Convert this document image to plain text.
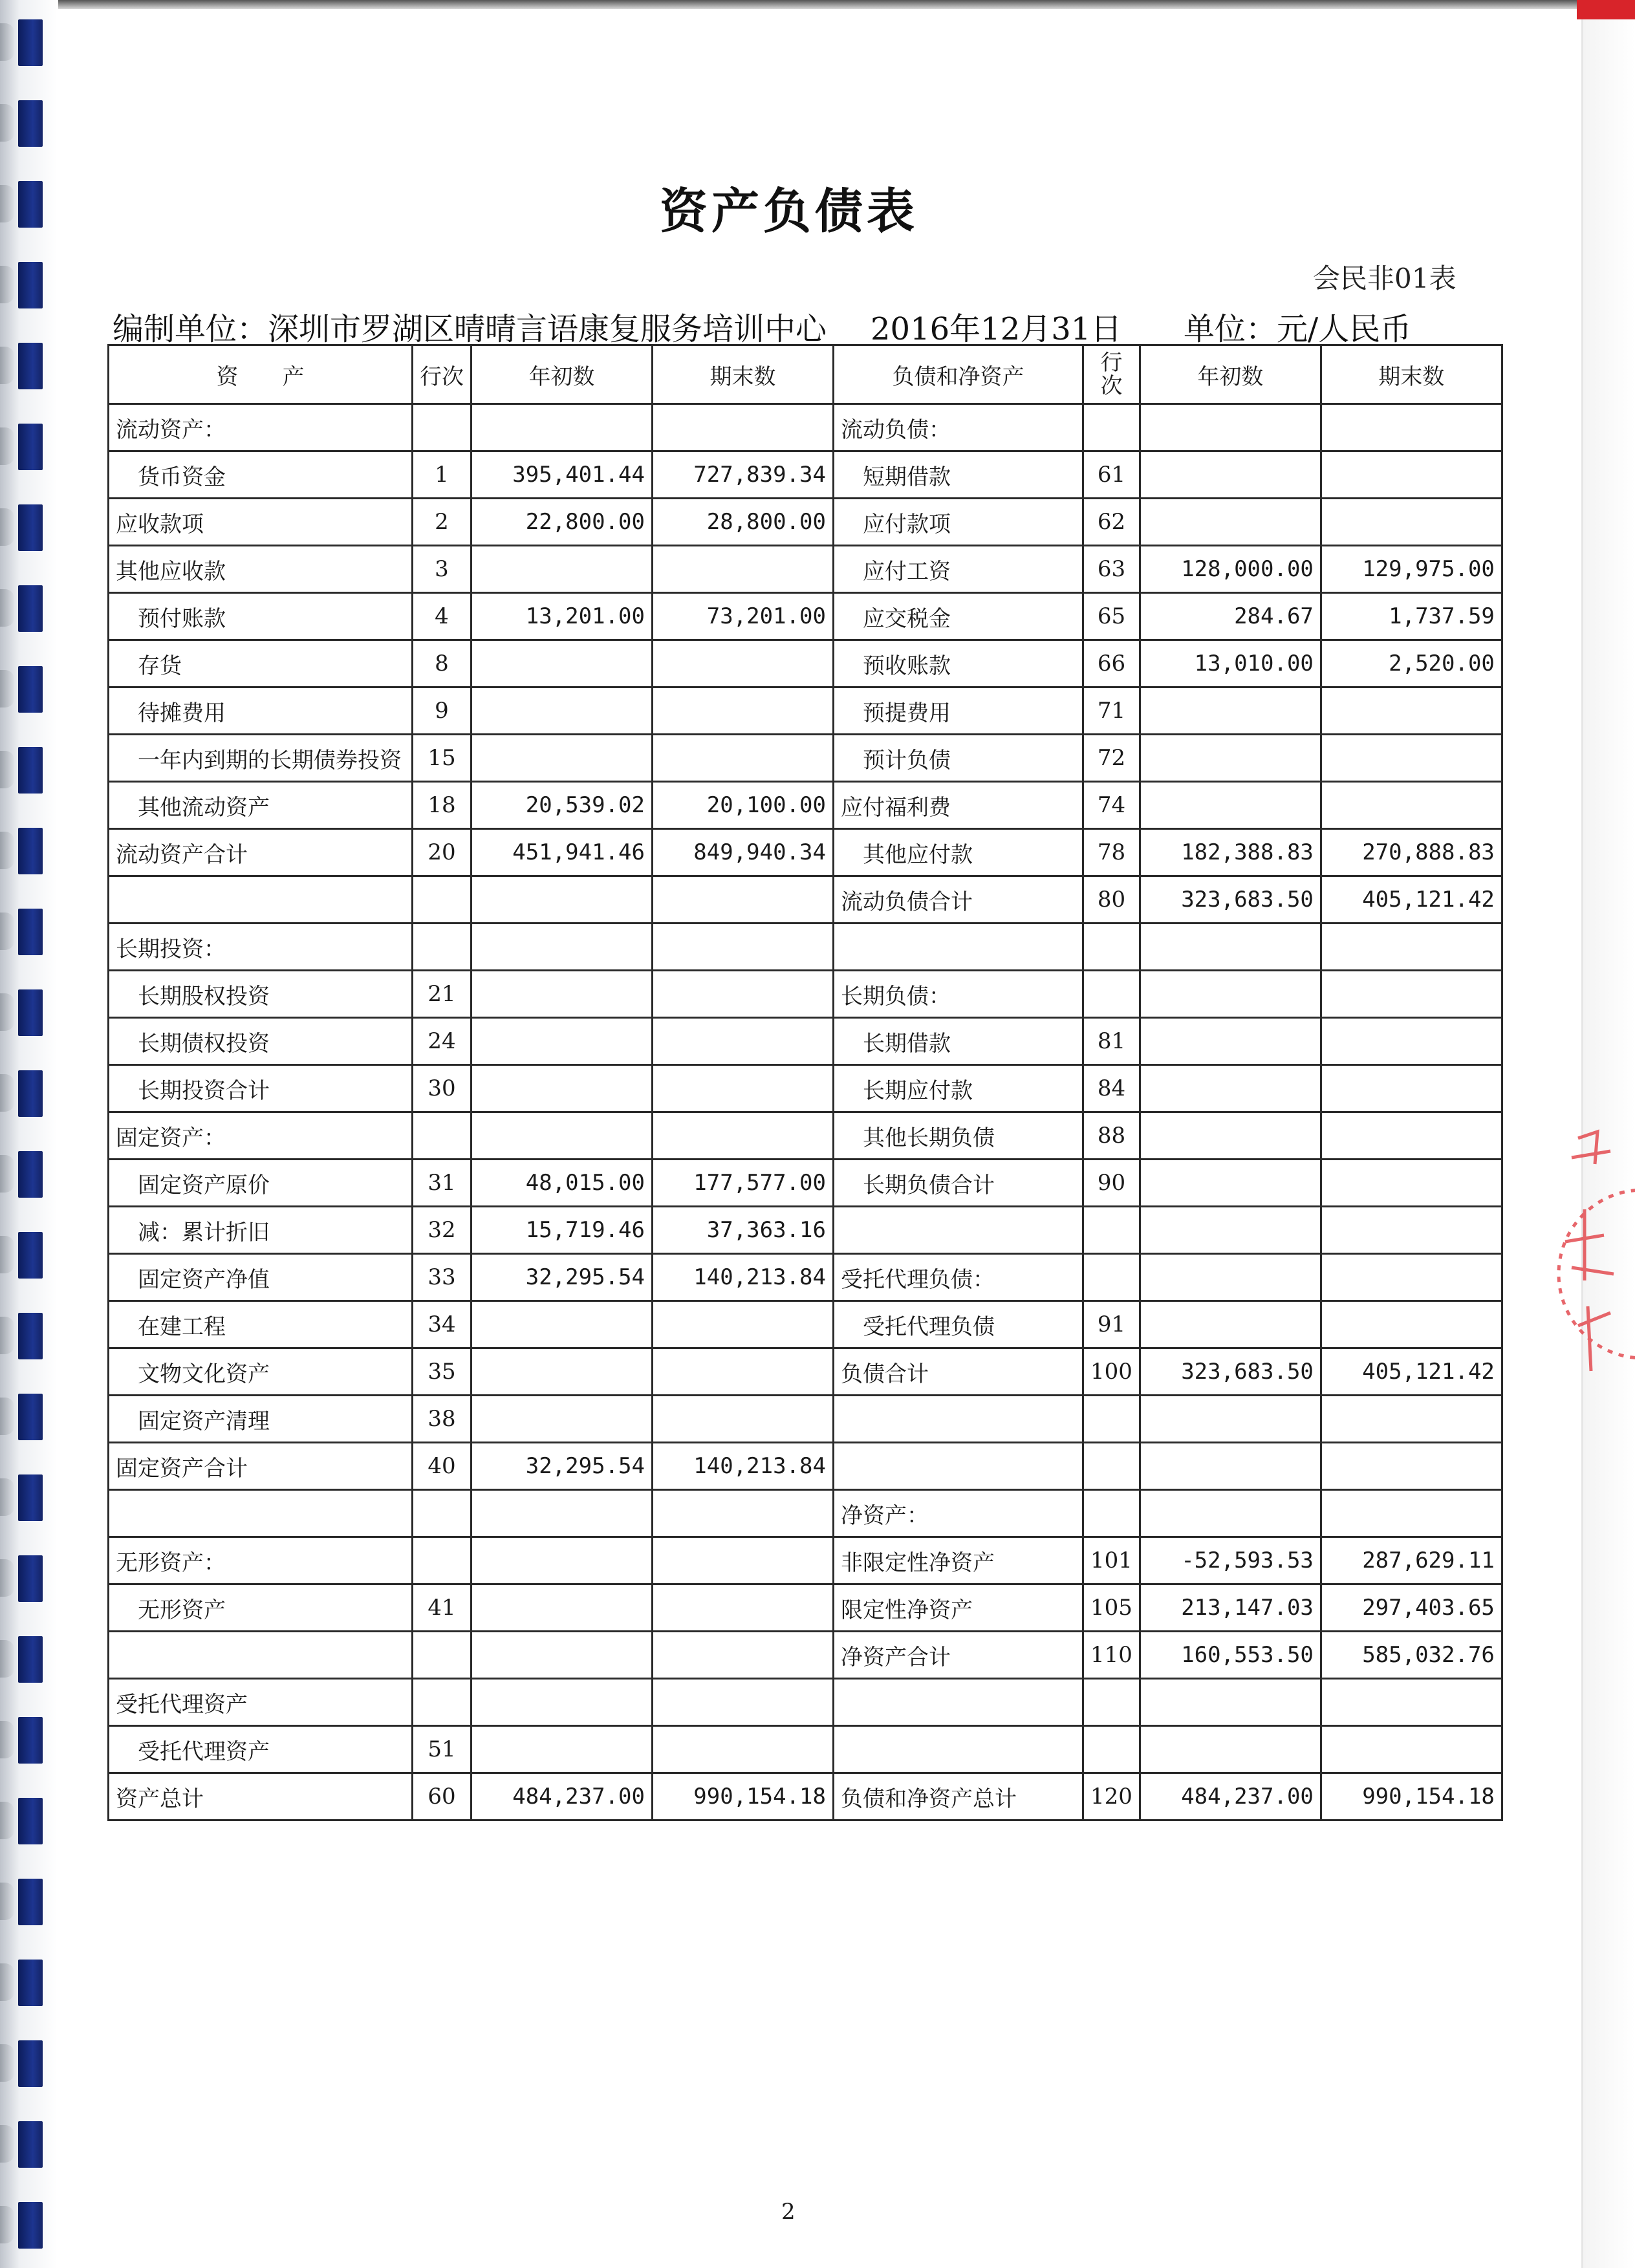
资产负债表
会民非01表
编制单位：深圳市罗湖区晴晴言语康复服务培训中心 2016年12月31日 单位：元/人民币
资　　产	行次	年初数	期末数	负债和净资产	行
次	年初数	期末数
流动资产：				流动负债：			
货币资金	1	395,401.44	727,839.34	短期借款	61		
应收款项	2	22,800.00	28,800.00	应付款项	62		
其他应收款	3			应付工资	63	128,000.00	129,975.00
预付账款	4	13,201.00	73,201.00	应交税金	65	284.67	1,737.59
存货	8			预收账款	66	13,010.00	2,520.00
待摊费用	9			预提费用	71		
一年内到期的长期债券投资	15			预计负债	72		
其他流动资产	18	20,539.02	20,100.00	应付福利费	74		
流动资产合计	20	451,941.46	849,940.34	其他应付款	78	182,388.83	270,888.83
				流动负债合计	80	323,683.50	405,121.42
长期投资：							
长期股权投资	21			长期负债：			
长期债权投资	24			长期借款	81		
长期投资合计	30			长期应付款	84		
固定资产：				其他长期负债	88		
固定资产原价	31	48,015.00	177,577.00	长期负债合计	90		
减：累计折旧	32	15,719.46	37,363.16				
固定资产净值	33	32,295.54	140,213.84	受托代理负债：			
在建工程	34			受托代理负债	91		
文物文化资产	35			负债合计	100	323,683.50	405,121.42
固定资产清理	38						
固定资产合计	40	32,295.54	140,213.84				
				净资产：			
无形资产：				非限定性净资产	101	-52,593.53	287,629.11
无形资产	41			限定性净资产	105	213,147.03	297,403.65
				净资产合计	110	160,553.50	585,032.76
受托代理资产							
受托代理资产	51						
资产总计	60	484,237.00	990,154.18	负债和净资产总计	120	484,237.00	990,154.18
2
